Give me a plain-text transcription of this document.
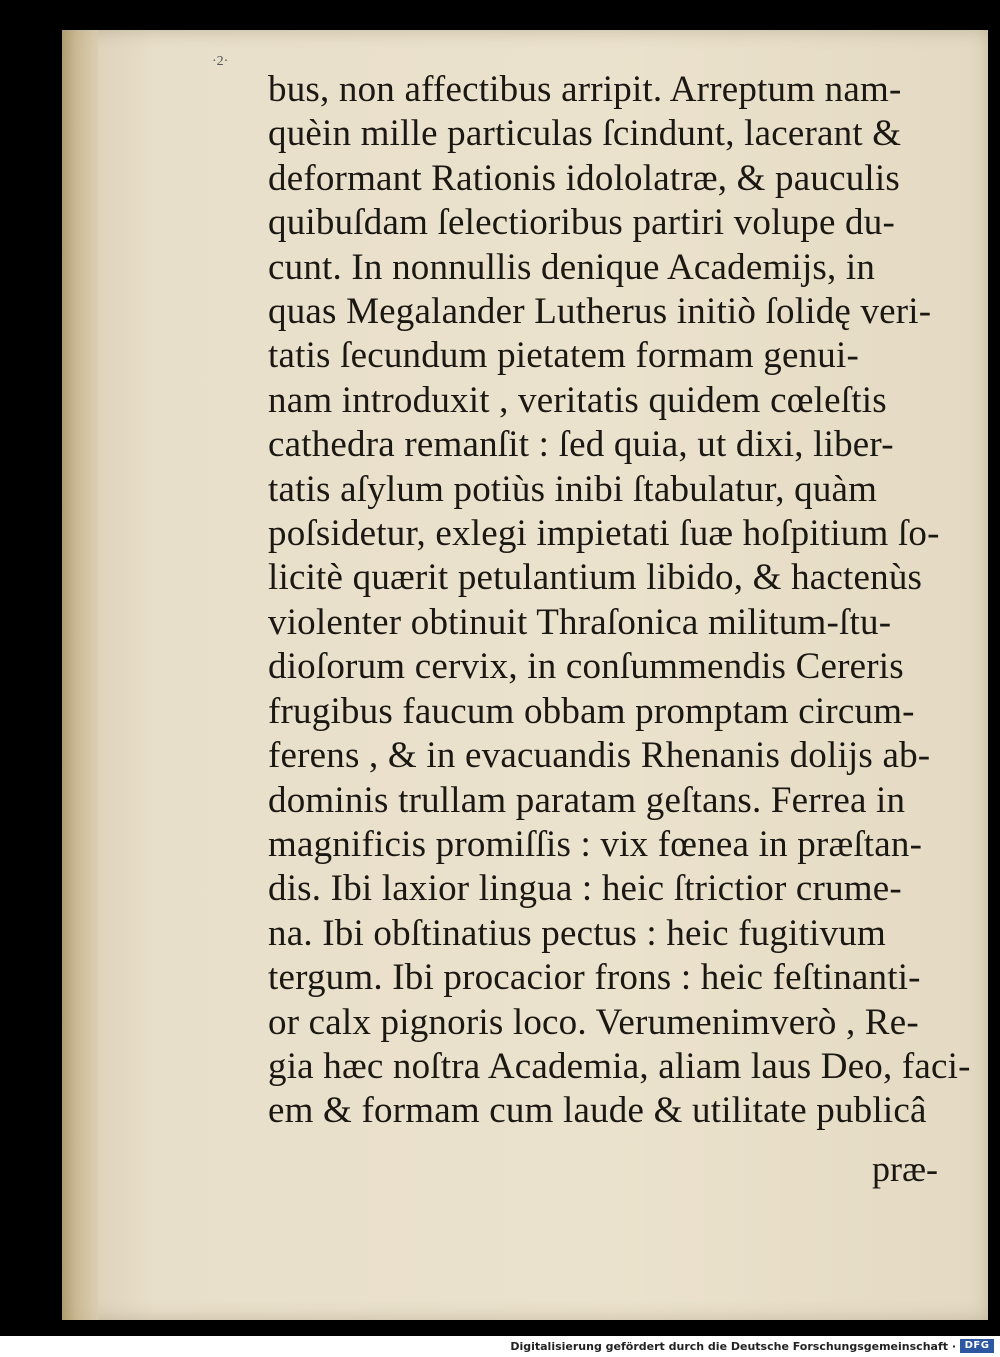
·2·
bus, non affectibus arripit. Arreptum nam-
quèin mille particulas ſcindunt, lacerant &
deformant Rationis idololatræ, & pauculis
quibuſdam ſelectioribus partiri volupe du-
cunt. In nonnullis denique Academijs, in
quas Megalander Lutherus initiò ſolidę veri-
tatis ſecundum pietatem formam genui-
nam introduxit , veritatis quidem cœleſtis
cathedra remanſit : ſed quia, ut dixi, liber-
tatis aſylum potiùs inibi ſtabulatur, quàm
poſsidetur, exlegi impietati ſuæ hoſpitium ſo-
licitè quærit petulantium libido, & hactenùs
violenter obtinuit Thraſonica militum-ſtu-
dioſorum cervix, in conſummendis Cereris
frugibus faucum obbam promptam circum-
ferens , & in evacuandis Rhenanis dolijs ab-
dominis trullam paratam geſtans. Ferrea in
magnificis promiſſis : vix fœnea in præſtan-
dis. Ibi laxior lingua : heic ſtrictior crume-
na. Ibi obſtinatius pectus : heic fugitivum
tergum. Ibi procacior frons : heic feſtinanti-
or calx pignoris loco. Verumenimverò , Re-
gia hæc noſtra Academia, aliam laus Deo, faci-
em & formam cum laude & utilitate publicâ
præ-
Digitalisierung gefördert durch die Deutsche Forschungsgemeinschaft · DFG
